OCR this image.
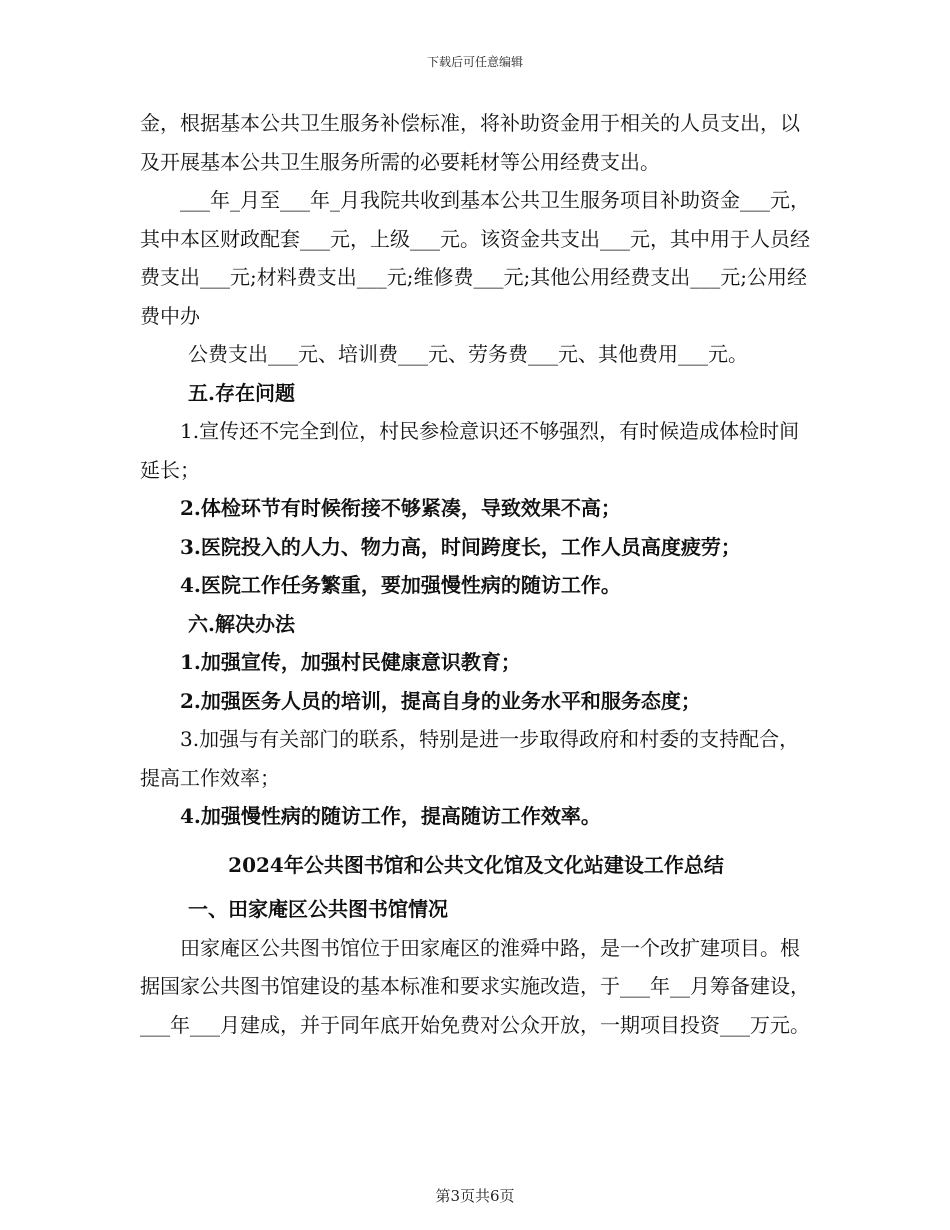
下载后可任意编辑

金，根据基本公共卫生服务补偿标准，将补助资金用于相关的人员支出，以及开展基本公共卫生服务所需的必要耗材等公用经费支出。

___年_月至___年_月我院共收到基本公共卫生服务项目补助资金___元，其中本区财政配套___元，上级___元。该资金共支出___元，其中用于人员经费支出___元;材料费支出___元;维修费___元;其他公用经费支出___元;公用经费中办

公费支出___元、培训费___元、劳务费___元、其他费用___元。

五.存在问题

1.宣传还不完全到位，村民参检意识还不够强烈，有时候造成体检时间延长；

2.体检环节有时候衔接不够紧凑，导致效果不高；

3.医院投入的人力、物力高，时间跨度长，工作人员高度疲劳；

4.医院工作任务繁重，要加强慢性病的随访工作。

六.解决办法

1.加强宣传，加强村民健康意识教育；

2.加强医务人员的培训，提高自身的业务水平和服务态度；

3.加强与有关部门的联系，特别是进一步取得政府和村委的支持配合，提高工作效率；

4.加强慢性病的随访工作，提高随访工作效率。

2024年公共图书馆和公共文化馆及文化站建设工作总结

一、田家庵区公共图书馆情况

田家庵区公共图书馆位于田家庵区的淮舜中路，是一个改扩建项目。根据国家公共图书馆建设的基本标准和要求实施改造，于___年__月筹备建设，___年___月建成，并于同年底开始免费对公众开放，一期项目投资___万元。

第3页共6页
